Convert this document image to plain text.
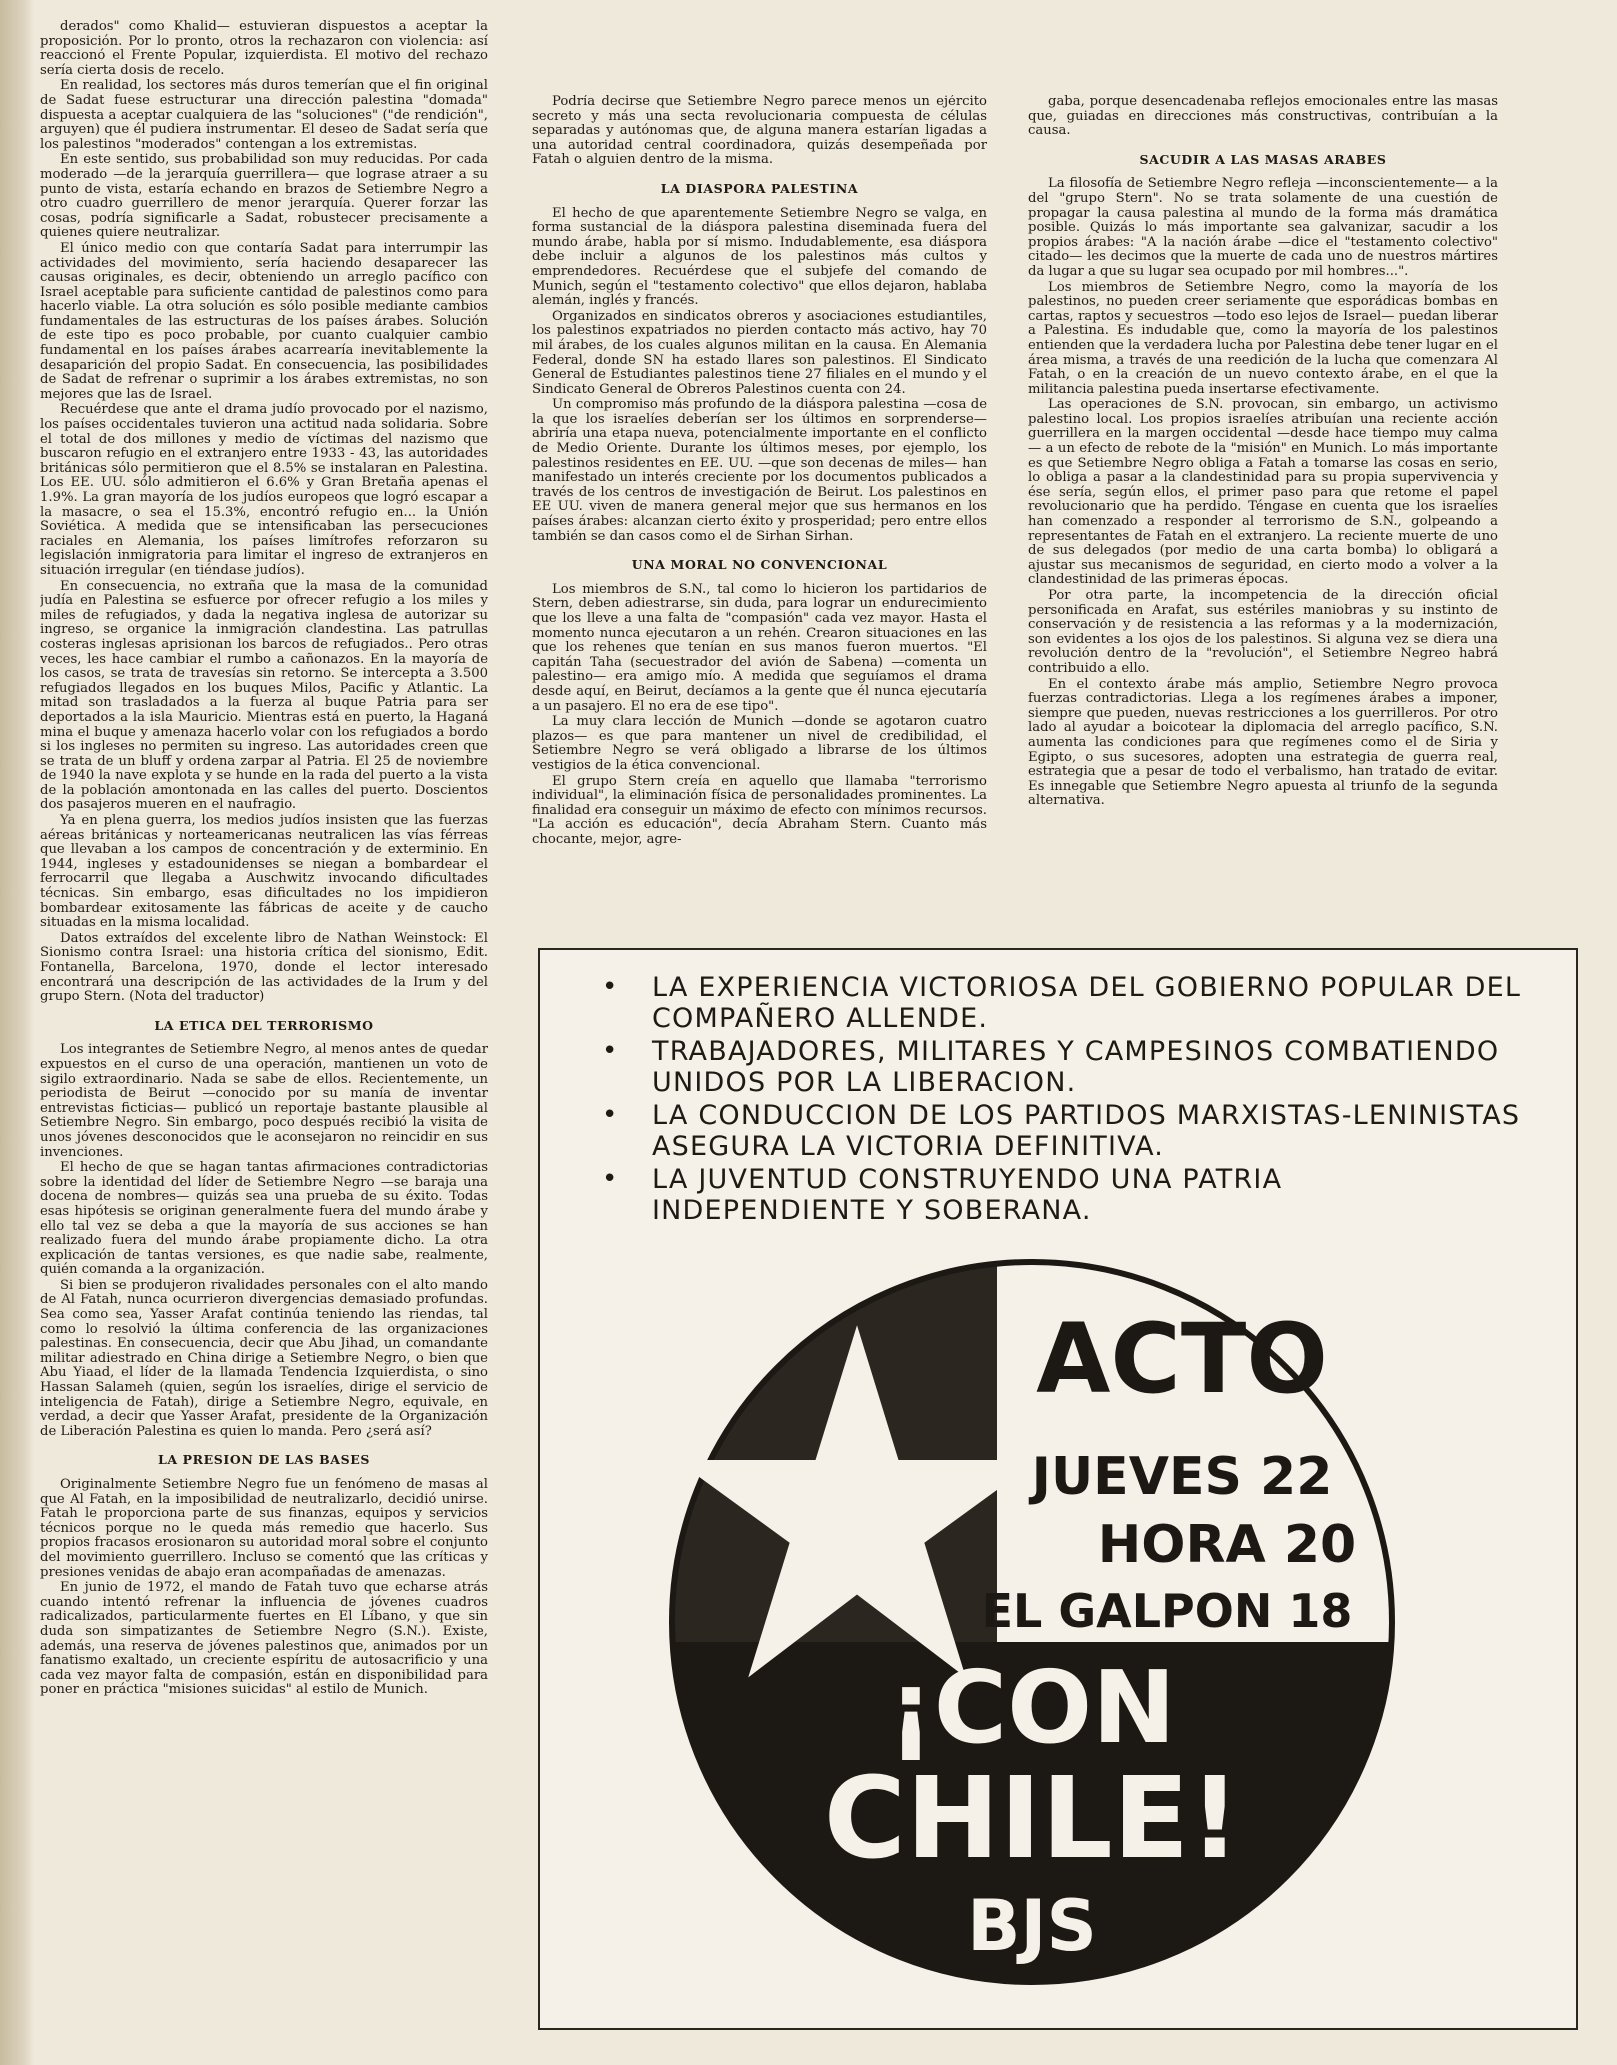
derados" como Khalid— estuvieran dispuestos a aceptar la proposición. Por lo pronto, otros la rechazaron con violencia: así reaccionó el Frente Popular, izquierdista. El motivo del rechazo sería cierta dosis de recelo.

En realidad, los sectores más duros temerían que el fin original de Sadat fuese estructurar una dirección palestina "domada" dispuesta a aceptar cualquiera de las "soluciones" ("de rendición", arguyen) que él pudiera instrumentar. El deseo de Sadat sería que los palestinos "moderados" contengan a los extremistas.

En este sentido, sus probabilidad son muy reducidas. Por cada moderado —de la jerarquía guerrillera— que lograse atraer a su punto de vista, estaría echando en brazos de Setiembre Negro a otro cuadro guerrillero de menor jerarquía. Querer forzar las cosas, podría significarle a Sadat, robustecer precisamente a quienes quiere neutralizar.

El único medio con que contaría Sadat para interrumpir las actividades del movimiento, sería haciendo desaparecer las causas originales, es decir, obteniendo un arreglo pacífico con Israel aceptable para suficiente cantidad de palestinos como para hacerlo viable. La otra solución es sólo posible mediante cambios fundamentales de las estructuras de los países árabes. Solución de este tipo es poco probable, por cuanto cualquier cambio fundamental en los países árabes acarrearía inevitablemente la desaparición del propio Sadat. En consecuencia, las posibilidades de Sadat de refrenar o suprimir a los árabes extremistas, no son mejores que las de Israel.

Recuérdese que ante el drama judío provocado por el nazismo, los países occidentales tuvieron una actitud nada solidaria. Sobre el total de dos millones y medio de víctimas del nazismo que buscaron refugio en el extranjero entre 1933 - 43, las autoridades británicas sólo permitieron que el 8.5% se instalaran en Palestina. Los EE. UU. sólo admitieron el 6.6% y Gran Bretaña apenas el 1.9%. La gran mayoría de los judíos europeos que logró escapar a la masacre, o sea el 15.3%, encontró refugio en... la Unión Soviética. A medida que se intensificaban las persecuciones raciales en Alemania, los países limítrofes reforzaron su legislación inmigratoria para limitar el ingreso de extranjeros en situación irregular (en tiéndase judíos).

En consecuencia, no extraña que la masa de la comunidad judía en Palestina se esfuerce por ofrecer refugio a los miles y miles de refugiados, y dada la negativa inglesa de autorizar su ingreso, se organice la inmigración clandestina. Las patrullas costeras inglesas aprisionan los barcos de refugiados.. Pero otras veces, les hace cambiar el rumbo a cañonazos. En la mayoría de los casos, se trata de travesías sin retorno. Se intercepta a 3.500 refugiados llegados en los buques Milos, Pacific y Atlantic. La mitad son trasladados a la fuerza al buque Patria para ser deportados a la isla Mauricio. Mientras está en puerto, la Haganá mina el buque y amenaza hacerlo volar con los refugiados a bordo si los ingleses no permiten su ingreso. Las autoridades creen que se trata de un bluff y ordena zarpar al Patria. El 25 de noviembre de 1940 la nave explota y se hunde en la rada del puerto a la vista de la población amontonada en las calles del puerto. Doscientos dos pasajeros mueren en el naufragio.

Ya en plena guerra, los medios judíos insisten que las fuerzas aéreas británicas y norteamericanas neutralicen las vías férreas que llevaban a los campos de concentración y de exterminio. En 1944, ingleses y estadounidenses se niegan a bombardear el ferrocarril que llegaba a Auschwitz invocando dificultades técnicas. Sin embargo, esas dificultades no los impidieron bombardear exitosamente las fábricas de aceite y de caucho situadas en la misma localidad.

Datos extraídos del excelente libro de Nathan Weinstock: El Sionismo contra Israel: una historia crítica del sionismo, Edit. Fontanella, Barcelona, 1970, donde el lector interesado encontrará una descripción de las actividades de la Irum y del grupo Stern. (Nota del traductor)

LA ETICA DEL TERRORISMO

Los integrantes de Setiembre Negro, al menos antes de quedar expuestos en el curso de una operación, mantienen un voto de sigilo extraordinario. Nada se sabe de ellos. Recientemente, un periodista de Beirut —conocido por su manía de inventar entrevistas ficticias— publicó un reportaje bastante plausible al Setiembre Negro. Sin embargo, poco después recibió la visita de unos jóvenes desconocidos que le aconsejaron no reincidir en sus invenciones.

El hecho de que se hagan tantas afirmaciones contradictorias sobre la identidad del líder de Setiembre Negro —se baraja una docena de nombres— quizás sea una prueba de su éxito. Todas esas hipótesis se originan generalmente fuera del mundo árabe y ello tal vez se deba a que la mayoría de sus acciones se han realizado fuera del mundo árabe propiamente dicho. La otra explicación de tantas versiones, es que nadie sabe, realmente, quién comanda a la organización.

Si bien se produjeron rivalidades personales con el alto mando de Al Fatah, nunca ocurrieron divergencias demasiado profundas. Sea como sea, Yasser Arafat continúa teniendo las riendas, tal como lo resolvió la última conferencia de las organizaciones palestinas. En consecuencia, decir que Abu Jihad, un comandante militar adiestrado en China dirige a Setiembre Negro, o bien que Abu Yiaad, el líder de la llamada Tendencia Izquierdista, o sino Hassan Salameh (quien, según los israelíes, dirige el servicio de inteligencia de Fatah), dirige a Setiembre Negro, equivale, en verdad, a decir que Yasser Arafat, presidente de la Organización de Liberación Palestina es quien lo manda. Pero ¿será así?

LA PRESION DE LAS BASES

Originalmente Setiembre Negro fue un fenómeno de masas al que Al Fatah, en la imposibilidad de neutralizarlo, decidió unirse. Fatah le proporciona parte de sus finanzas, equipos y servicios técnicos porque no le queda más remedio que hacerlo. Sus propios fracasos erosionaron su autoridad moral sobre el conjunto del movimiento guerrillero. Incluso se comentó que las críticas y presiones venidas de abajo eran acompañadas de amenazas.

En junio de 1972, el mando de Fatah tuvo que echarse atrás cuando intentó refrenar la influencia de jóvenes cuadros radicalizados, particularmente fuertes en El Líbano, y que sin duda son simpatizantes de Setiembre Negro (S.N.). Existe, además, una reserva de jóvenes palestinos que, animados por un fanatismo exaltado, un creciente espíritu de autosacrificio y una cada vez mayor falta de compasión, están en disponibilidad para poner en práctica "misiones suicidas" al estilo de Munich.

Podría decirse que Setiembre Negro parece menos un ejército secreto y más una secta revolucionaria compuesta de células separadas y autónomas que, de alguna manera estarían ligadas a una autoridad central coordinadora, quizás desempeñada por Fatah o alguien dentro de la misma.

LA DIASPORA PALESTINA

El hecho de que aparentemente Setiembre Negro se valga, en forma sustancial de la diáspora palestina diseminada fuera del mundo árabe, habla por sí mismo. Indudablemente, esa diáspora debe incluir a algunos de los palestinos más cultos y emprendedores. Recuérdese que el subjefe del comando de Munich, según el "testamento colectivo" que ellos dejaron, hablaba alemán, inglés y francés.

Organizados en sindicatos obreros y asociaciones estudiantiles, los palestinos expatriados no pierden contacto más activo, hay 70 mil árabes, de los cuales algunos militan en la causa. En Alemania Federal, donde SN ha estado llares son palestinos. El Sindicato General de Estudiantes palestinos tiene 27 filiales en el mundo y el Sindicato General de Obreros Palestinos cuenta con 24.

Un compromiso más profundo de la diáspora palestina —cosa de la que los israelíes deberían ser los últimos en sorprenderse— abriría una etapa nueva, potencialmente importante en el conflicto de Medio Oriente. Durante los últimos meses, por ejemplo, los palestinos residentes en EE. UU. —que son decenas de miles— han manifestado un interés creciente por los documentos publicados a través de los centros de investigación de Beirut. Los palestinos en EE UU. viven de manera general mejor que sus hermanos en los países árabes: alcanzan cierto éxito y prosperidad; pero entre ellos también se dan casos como el de Sirhan Sirhan.

UNA MORAL NO CONVENCIONAL

Los miembros de S.N., tal como lo hicieron los partidarios de Stern, deben adiestrarse, sin duda, para lograr un endurecimiento que los lleve a una falta de "compasión" cada vez mayor. Hasta el momento nunca ejecutaron a un rehén. Crearon situaciones en las que los rehenes que tenían en sus manos fueron muertos. "El capitán Taha (secuestrador del avión de Sabena) —comenta un palestino— era amigo mío. A medida que seguíamos el drama desde aquí, en Beirut, decíamos a la gente que él nunca ejecutaría a un pasajero. El no era de ese tipo".

La muy clara lección de Munich —donde se agotaron cuatro plazos— es que para mantener un nivel de credibilidad, el Setiembre Negro se verá obligado a librarse de los últimos vestigios de la ética convencional.

El grupo Stern creía en aquello que llamaba "terrorismo individual", la eliminación física de personalidades prominentes. La finalidad era conseguir un máximo de efecto con mínimos recursos. "La acción es educación", decía Abraham Stern. Cuanto más chocante, mejor, agre-

gaba, porque desencadenaba reflejos emocionales entre las masas que, guiadas en direcciones más constructivas, contribuían a la causa.

SACUDIR A LAS MASAS ARABES

La filosofía de Setiembre Negro refleja —inconscientemente— a la del "grupo Stern". No se trata solamente de una cuestión de propagar la causa palestina al mundo de la forma más dramática posible. Quizás lo más importante sea galvanizar, sacudir a los propios árabes: "A la nación árabe —dice el "testamento colectivo" citado— les decimos que la muerte de cada uno de nuestros mártires da lugar a que su lugar sea ocupado por mil hombres...".

Los miembros de Setiembre Negro, como la mayoría de los palestinos, no pueden creer seriamente que esporádicas bombas en cartas, raptos y secuestros —todo eso lejos de Israel— puedan liberar a Palestina. Es indudable que, como la mayoría de los palestinos entienden que la verdadera lucha por Palestina debe tener lugar en el área misma, a través de una reedición de la lucha que comenzara Al Fatah, o en la creación de un nuevo contexto árabe, en el que la militancia palestina pueda insertarse efectivamente.

Las operaciones de S.N. provocan, sin embargo, un activismo palestino local. Los propios israelíes atribuían una reciente acción guerrillera en la margen occidental —desde hace tiempo muy calma— a un efecto de rebote de la "misión" en Munich. Lo más importante es que Setiembre Negro obliga a Fatah a tomarse las cosas en serio, lo obliga a pasar a la clandestinidad para su propia supervivencia y ése sería, según ellos, el primer paso para que retome el papel revolucionario que ha perdido. Téngase en cuenta que los israelíes han comenzado a responder al terrorismo de S.N., golpeando a representantes de Fatah en el extranjero. La reciente muerte de uno de sus delegados (por medio de una carta bomba) lo obligará a ajustar sus mecanismos de seguridad, en cierto modo a volver a la clandestinidad de las primeras épocas.

Por otra parte, la incompetencia de la dirección oficial personificada en Arafat, sus estériles maniobras y su instinto de conservación y de resistencia a las reformas y a la modernización, son evidentes a los ojos de los palestinos. Si alguna vez se diera una revolución dentro de la "revolución", el Setiembre Negreo habrá contribuido a ello.

En el contexto árabe más amplio, Setiembre Negro provoca fuerzas contradictorias. Llega a los regímenes árabes a imponer, siempre que pueden, nuevas restricciones a los guerrilleros. Por otro lado al ayudar a boicotear la diplomacia del arreglo pacífico, S.N. aumenta las condiciones para que regímenes como el de Siria y Egipto, o sus sucesores, adopten una estrategia de guerra real, estrategia que a pesar de todo el verbalismo, han tratado de evitar. Es innegable que Setiembre Negro apuesta al triunfo de la segunda alternativa.

• LA EXPERIENCIA VICTORIOSA DEL GOBIERNO POPULAR DEL COMPAÑERO ALLENDE.
• TRABAJADORES, MILITARES Y CAMPESINOS COMBATIENDO UNIDOS POR LA LIBERACION.
• LA CONDUCCION DE LOS PARTIDOS MARXISTAS-LENINISTAS ASEGURA LA VICTORIA DEFINITIVA.
• LA JUVENTUD CONSTRUYENDO UNA PATRIA INDEPENDIENTE Y SOBERANA.
ACTO
JUEVES 22
HORA 20
EL GALPON 18
¡CON
CHILE!
BJS
